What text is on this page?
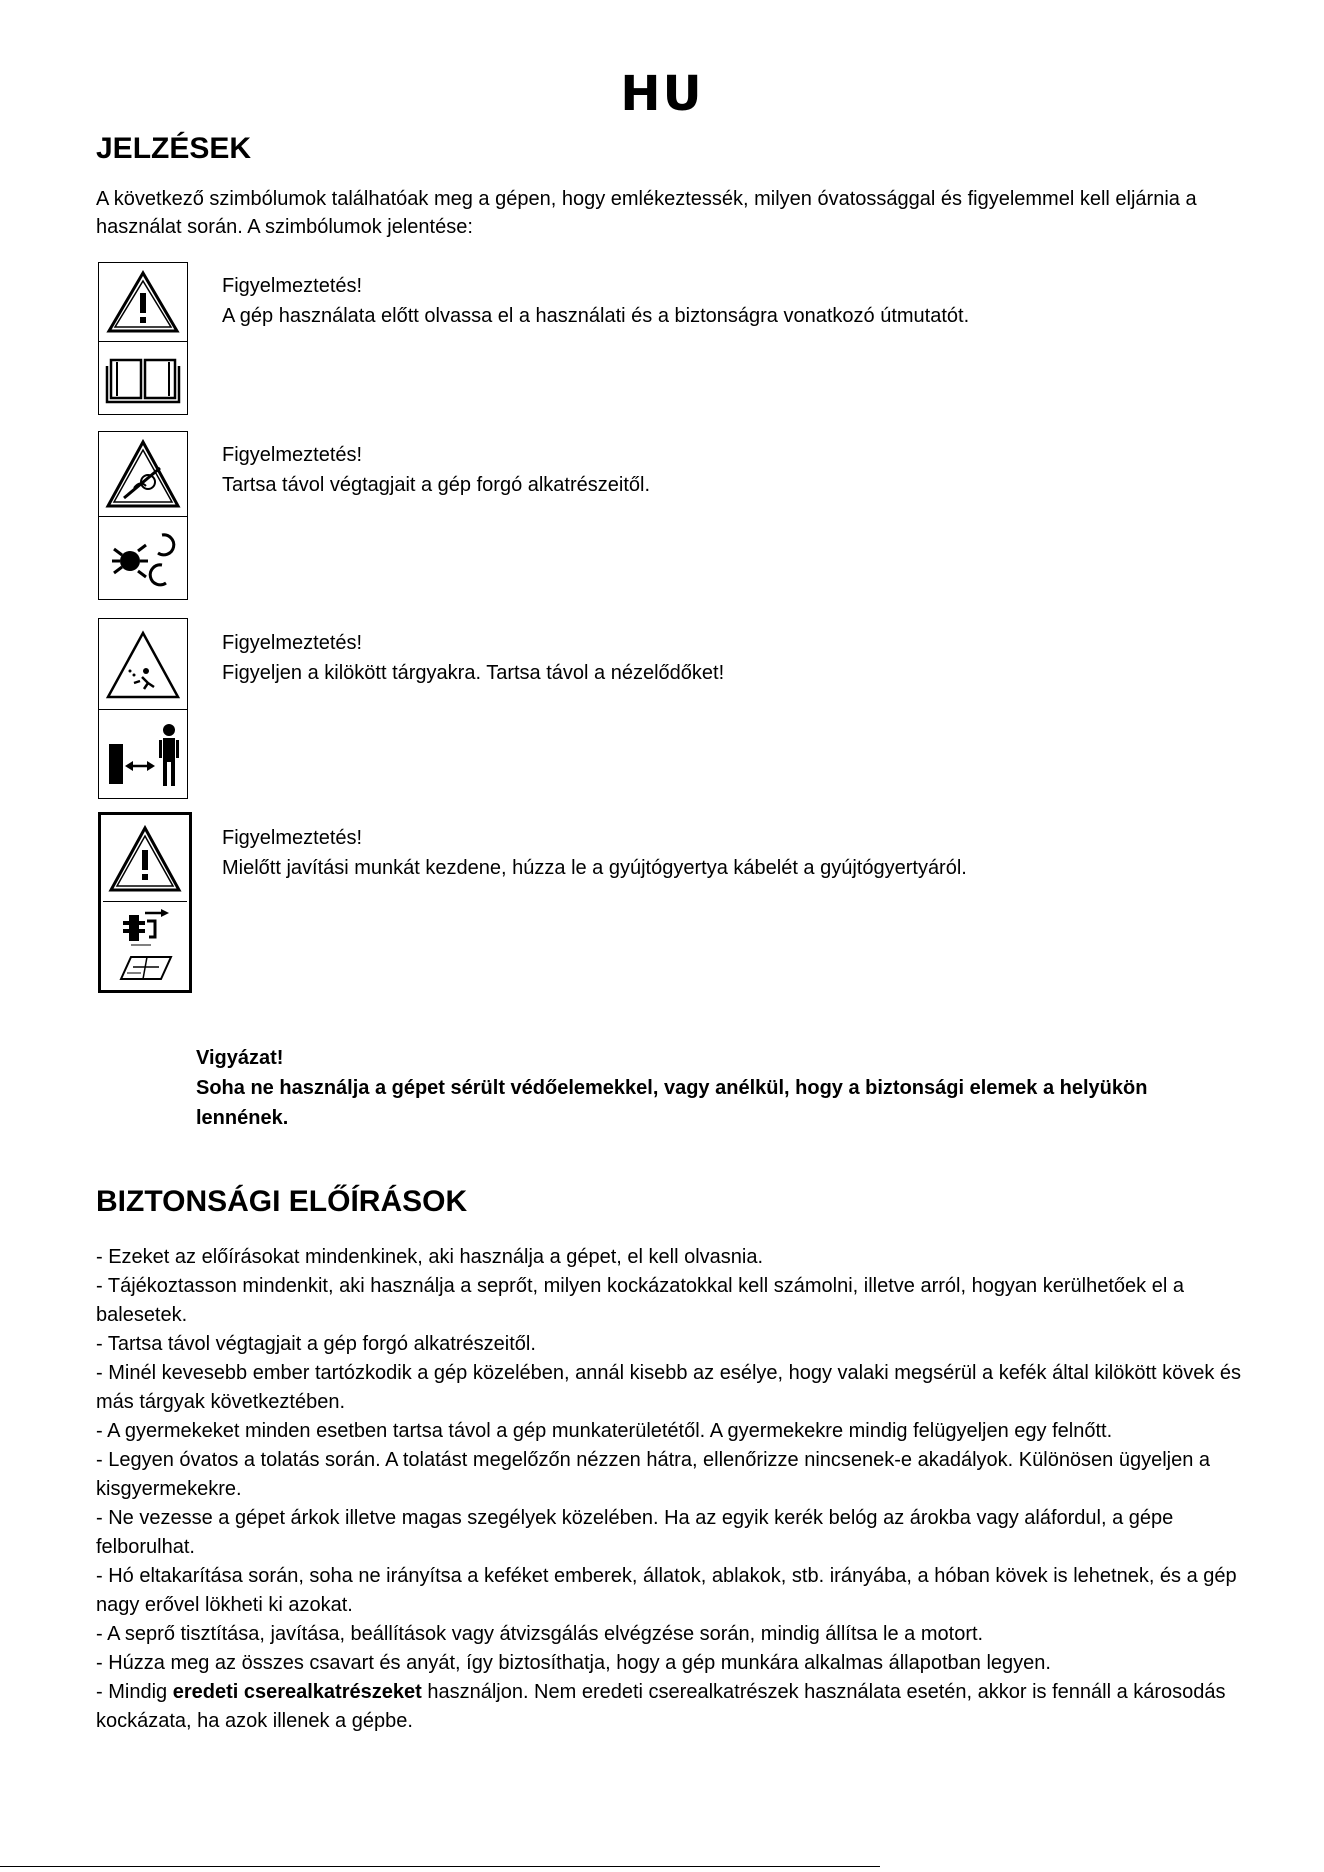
HU
JELZÉSEK
A következő szimbólumok találhatóak meg a gépen, hogy emlékeztessék, milyen óvatossággal és figyelemmel kell eljárnia a használat során. A szimbólumok jelentése:
Figyelmeztetés!
A gép használata előtt olvassa el a használati és a biztonságra vonatkozó útmutatót.
Figyelmeztetés!
Tartsa távol végtagjait a gép forgó alkatrészeitől.
Figyelmeztetés!
Figyeljen a kilökött tárgyakra. Tartsa távol a nézelődőket!
Figyelmeztetés!
Mielőtt javítási munkát kezdene, húzza le a gyújtógyertya kábelét a gyújtógyertyáról.
Vigyázat!
Soha ne használja a gépet sérült védőelemekkel, vagy anélkül, hogy a biztonsági elemek a helyükön lennének.
BIZTONSÁGI ELŐÍRÁSOK

- Ezeket az előírásokat mindenkinek, aki használja a gépet, el kell olvasnia.

- Tájékoztasson mindenkit, aki használja a seprőt, milyen kockázatokkal kell számolni, illetve arról, hogyan kerülhetőek el a balesetek.

- Tartsa távol végtagjait a gép forgó alkatrészeitől.

- Minél kevesebb ember tartózkodik a gép közelében, annál kisebb az esélye, hogy valaki megsérül a kefék által kilökött kövek és más tárgyak következtében.

- A gyermekeket minden esetben tartsa távol a gép munkaterületétől. A gyermekekre mindig felügyeljen egy felnőtt.

- Legyen óvatos a tolatás során. A tolatást megelőzőn nézzen hátra, ellenőrizze nincsenek-e akadályok. Különösen ügyeljen a kisgyermekekre.

- Ne vezesse a gépet árkok illetve magas szegélyek közelében. Ha az egyik kerék belóg az árokba vagy aláfordul, a gépe felborulhat.

- Hó eltakarítása során, soha ne irányítsa a keféket emberek, állatok, ablakok, stb. irányába, a hóban kövek is lehetnek, és a gép nagy erővel lökheti ki azokat.

- A seprő tisztítása, javítása, beállítások vagy átvizsgálás elvégzése során, mindig állítsa le a motort.

- Húzza meg az összes csavart és anyát, így biztosíthatja, hogy a gép munkára alkalmas állapotban legyen.

- Mindig eredeti cserealkatrészeket használjon. Nem eredeti cserealkatrészek használata esetén, akkor is fennáll a károsodás kockázata, ha azok illenek a gépbe.
